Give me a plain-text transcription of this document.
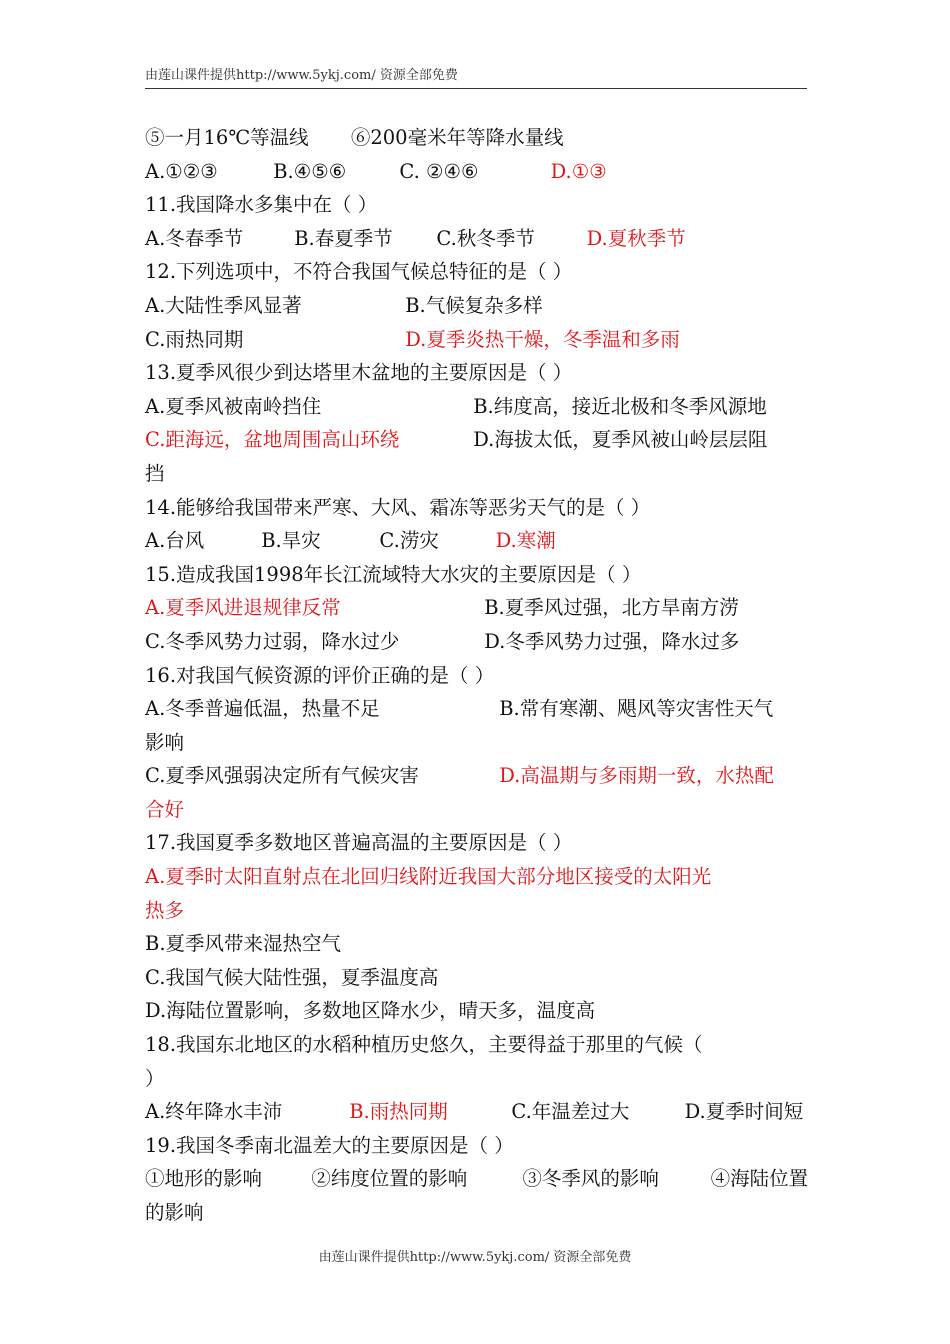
由莲山课件提供http://www.5ykj.com/ 资源全部免费
⑤一月16℃等温线 ⑥200毫米年等降水量线
A.①②③	B.④⑤⑥	C. ②④⑥	D.①③
11.我国降水多集中在（ ）
A.冬春季节	B.春夏季节 C.秋冬季节	D.夏秋季节
12.下列选项中，不符合我国气候总特征的是（ ）
A.大陆性季风显著	B.气候复杂多样
C.雨热同期	D.夏季炎热干燥，冬季温和多雨
13.夏季风很少到达塔里木盆地的主要原因是（ ）
A.夏季风被南岭挡住	B.纬度高，接近北极和冬季风源地
C.距海远，盆地周围高山环绕	D.海拔太低，夏季风被山岭层层阻
挡
14.能够给我国带来严寒、大风、霜冻等恶劣天气的是（ ）
A.台风	B.旱灾	C.涝灾	D.寒潮
15.造成我国1998年长江流域特大水灾的主要原因是（ ）
A.夏季风进退规律反常	B.夏季风过强，北方旱南方涝
C.冬季风势力过弱，降水过少	D.冬季风势力过强，降水过多
16.对我国气候资源的评价正确的是（ ）
A.冬季普遍低温，热量不足	B.常有寒潮、飓风等灾害性天气
影响
C.夏季风强弱决定所有气候灾害	D.高温期与多雨期一致，水热配
合好
17.我国夏季多数地区普遍高温的主要原因是（ ）
A.夏季时太阳直射点在北回归线附近我国大部分地区接受的太阳光
热多
B.夏季风带来湿热空气
C.我国气候大陆性强，夏季温度高
D.海陆位置影响，多数地区降水少，晴天多，温度高
18.我国东北地区的水稻种植历史悠久，主要得益于那里的气候（
）
A.终年降水丰沛	B.雨热同期	C.年温差过大	D.夏季时间短
19.我国冬季南北温差大的主要原因是（ ）
①地形的影响	②纬度位置的影响	③冬季风的影响	④海陆位置
的影响
由莲山课件提供http://www.5ykj.com/ 资源全部免费
